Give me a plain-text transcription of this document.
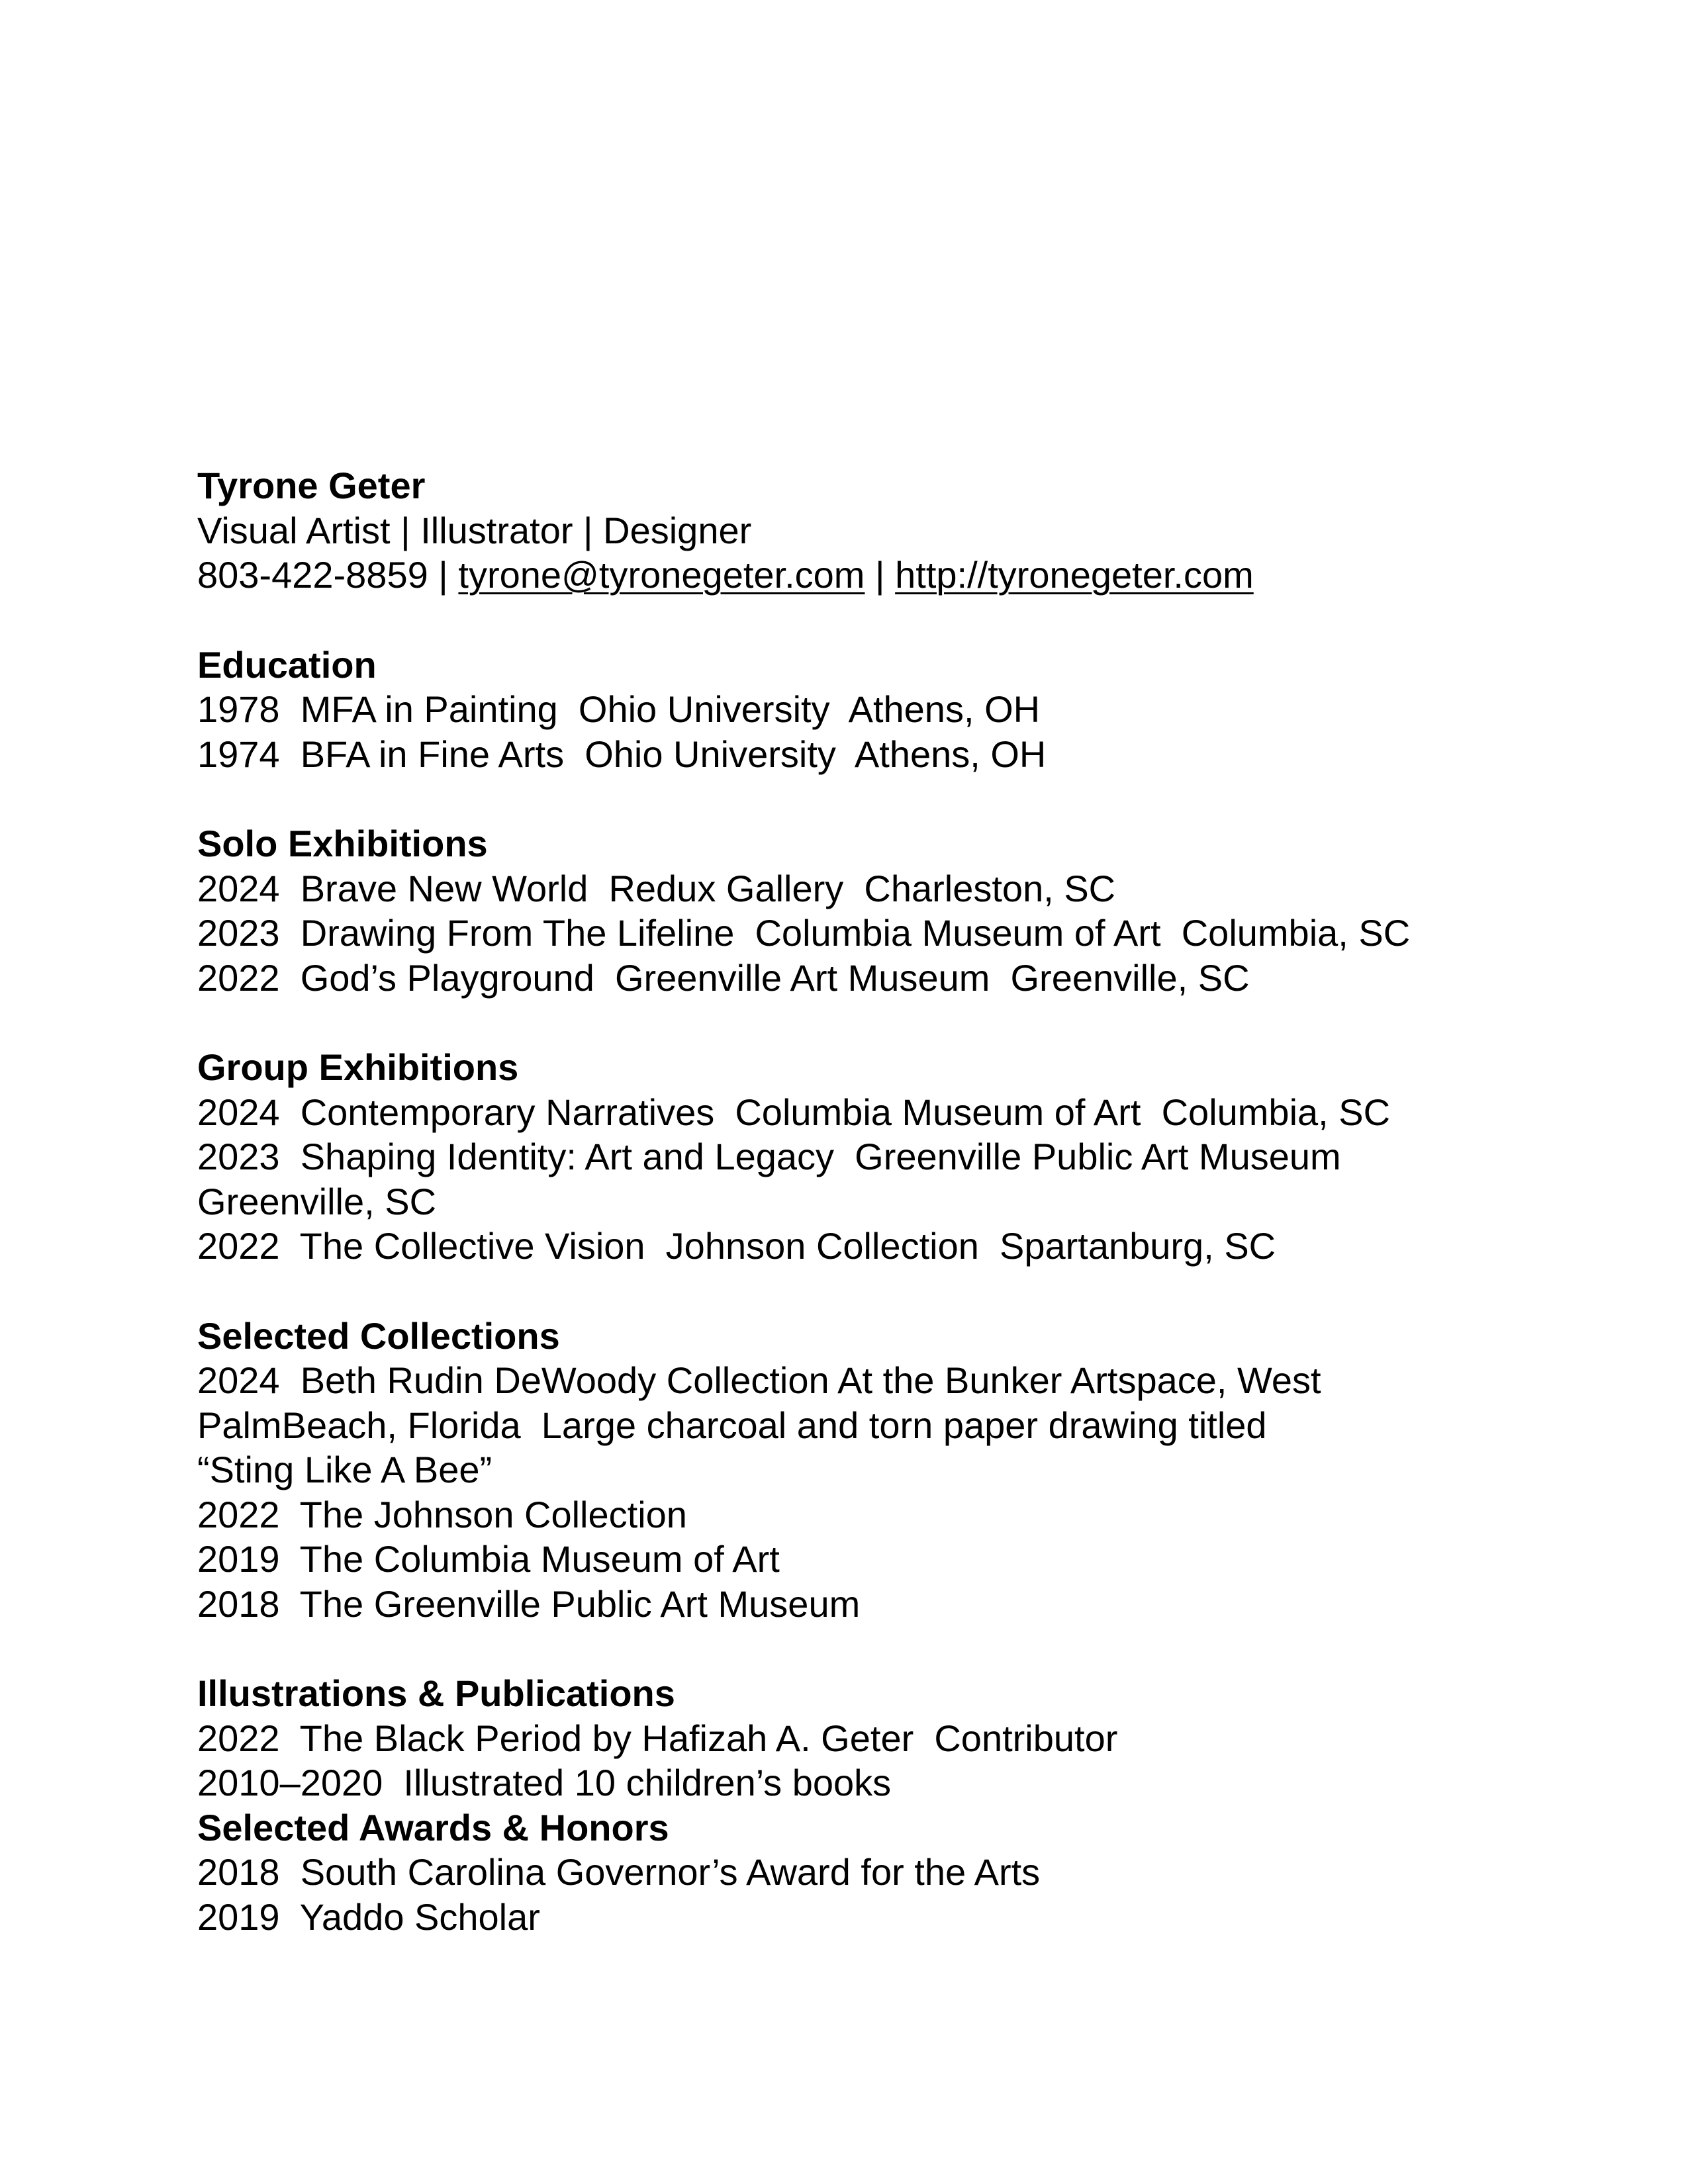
Tyrone Geter

Visual Artist | Illustrator | Designer

803-422-8859 | tyrone@tyronegeter.com | http://tyronegeter.com

Education

1978  MFA in Painting  Ohio University  Athens, OH

1974  BFA in Fine Arts  Ohio University  Athens, OH

Solo Exhibitions

2024  Brave New World  Redux Gallery  Charleston, SC

2023  Drawing From The Lifeline  Columbia Museum of Art  Columbia, SC

2022  God’s Playground  Greenville Art Museum  Greenville, SC

Group Exhibitions

2024  Contemporary Narratives  Columbia Museum of Art  Columbia, SC

2023  Shaping Identity: Art and Legacy  Greenville Public Art Museum

Greenville, SC

2022  The Collective Vision  Johnson Collection  Spartanburg, SC

Selected Collections

2024  Beth Rudin DeWoody Collection At the Bunker Artspace, West

PalmBeach, Florida  Large charcoal and torn paper drawing titled

“Sting Like A Bee”

2022  The Johnson Collection

2019  The Columbia Museum of Art

2018  The Greenville Public Art Museum

Illustrations & Publications

2022  The Black Period by Hafizah A. Geter  Contributor

2010–2020  Illustrated 10 children’s books

Selected Awards & Honors

2018  South Carolina Governor’s Award for the Arts

2019  Yaddo Scholar
